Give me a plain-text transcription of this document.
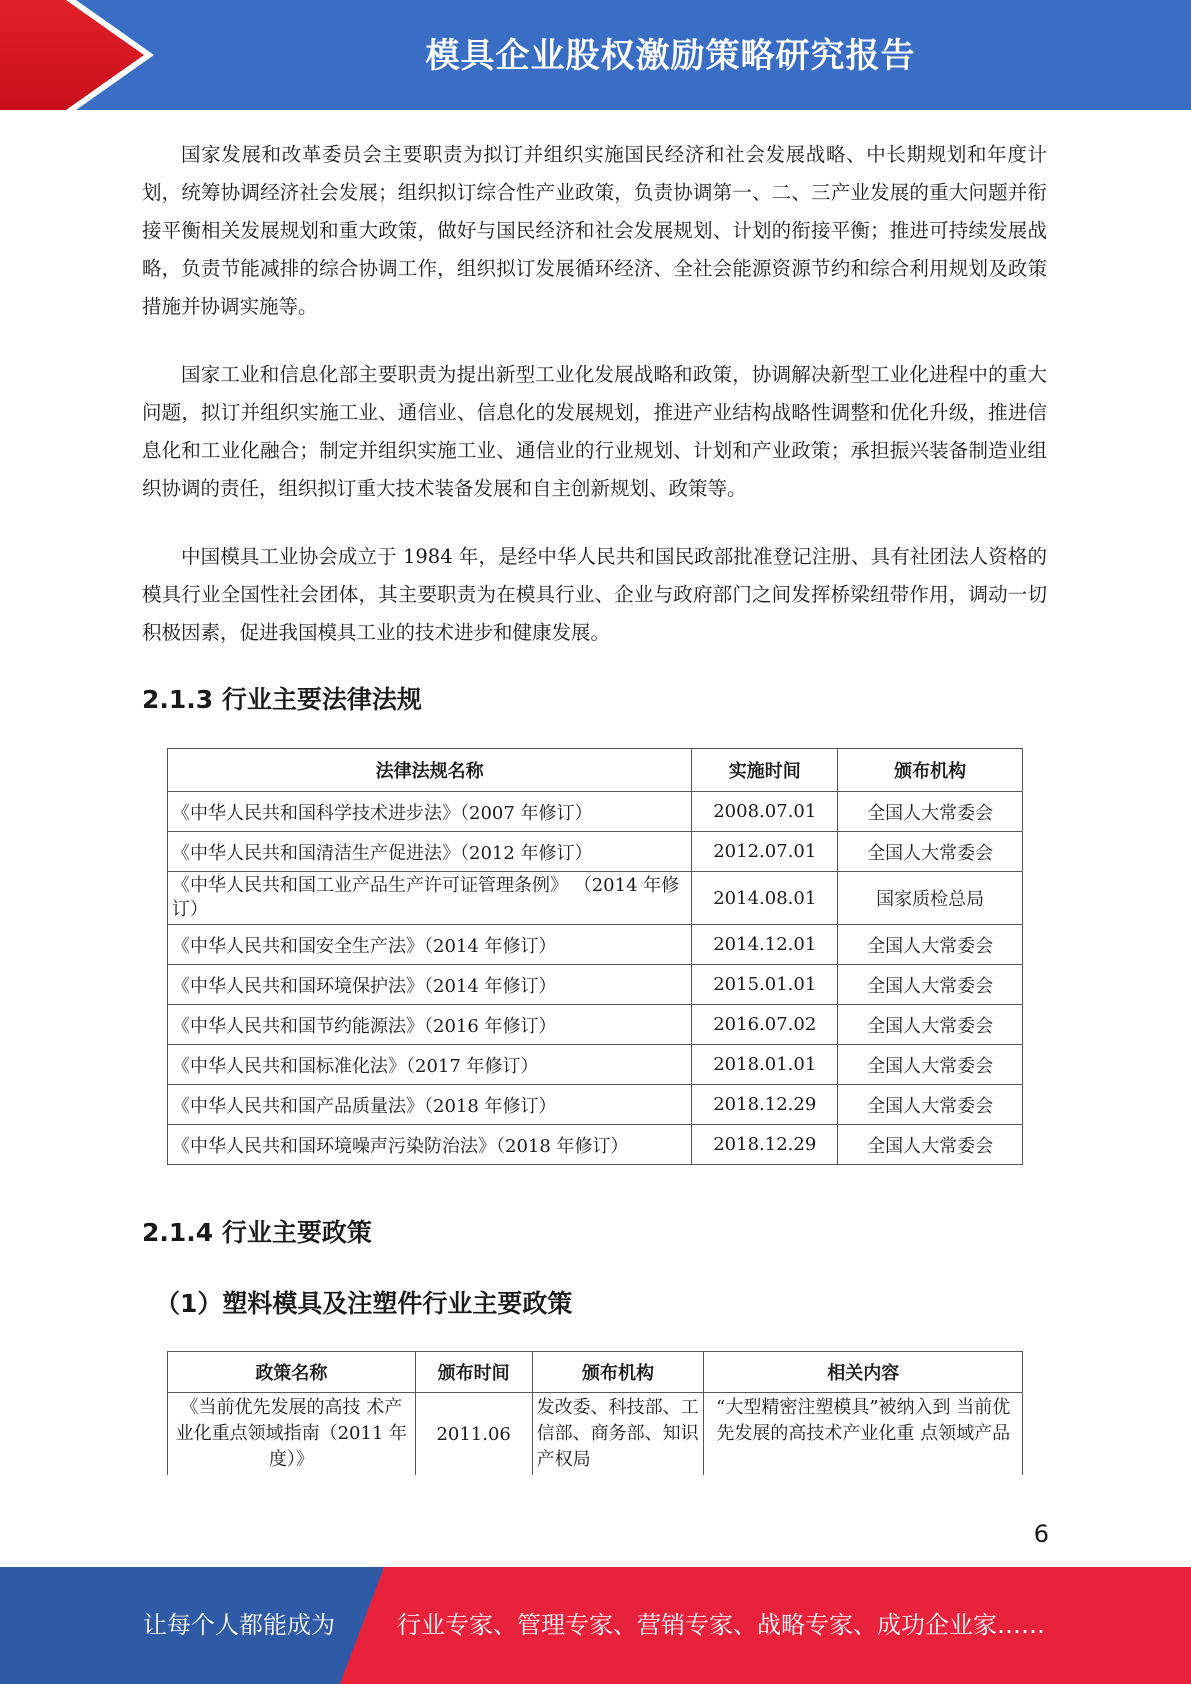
模具企业股权激励策略研究报告

国家发展和改革委员会主要职责为拟订并组织实施国民经济和社会发展战略、中长期规划和年度计划，统筹协调经济社会发展；组织拟订综合性产业政策，负责协调第一、二、三产业发展的重大问题并衔接平衡相关发展规划和重大政策，做好与国民经济和社会发展规划、计划的衔接平衡；推进可持续发展战略，负责节能减排的综合协调工作，组织拟订发展循环经济、全社会能源资源节约和综合利用规划及政策措施并协调实施等。

国家工业和信息化部主要职责为提出新型工业化发展战略和政策，协调解决新型工业化进程中的重大问题，拟订并组织实施工业、通信业、信息化的发展规划，推进产业结构战略性调整和优化升级，推进信息化和工业化融合；制定并组织实施工业、通信业的行业规划、计划和产业政策；承担振兴装备制造业组织协调的责任，组织拟订重大技术装备发展和自主创新规划、政策等。

中国模具工业协会成立于 1984 年，是经中华人民共和国民政部批准登记注册、具有社团法人资格的模具行业全国性社会团体，其主要职责为在模具行业、企业与政府部门之间发挥桥梁纽带作用，调动一切积极因素，促进我国模具工业的技术进步和健康发展。

2.1.3 行业主要法律法规
法律法规名称	实施时间	颁布机构
《中华人民共和国科学技术进步法》（2007 年修订）	2008.07.01	全国人大常委会
《中华人民共和国清洁生产促进法》（2012 年修订）	2012.07.01	全国人大常委会
《中华人民共和国工业产品生产许可证管理条例》 （2014 年修订）	2014.08.01	国家质检总局
《中华人民共和国安全生产法》（2014 年修订）	2014.12.01	全国人大常委会
《中华人民共和国环境保护法》（2014 年修订）	2015.01.01	全国人大常委会
《中华人民共和国节约能源法》（2016 年修订）	2016.07.02	全国人大常委会
《中华人民共和国标准化法》（2017 年修订）	2018.01.01	全国人大常委会
《中华人民共和国产品质量法》（2018 年修订）	2018.12.29	全国人大常委会
《中华人民共和国环境噪声污染防治法》（2018 年修订）	2018.12.29	全国人大常委会
2.1.4 行业主要政策
（1）塑料模具及注塑件行业主要政策
政策名称	颁布时间	颁布机构	相关内容
《当前优先发展的高技 术产业化重点领域指南（2011 年度）》	2011.06	发改委、科技部、工信部、商务部、知识产权局	“大型精密注塑模具”被纳入到 当前优先发展的高技术产业化重 点领域产品
6
让每个人都能成为	行业专家、管理专家、营销专家、战略专家、成功企业家……
